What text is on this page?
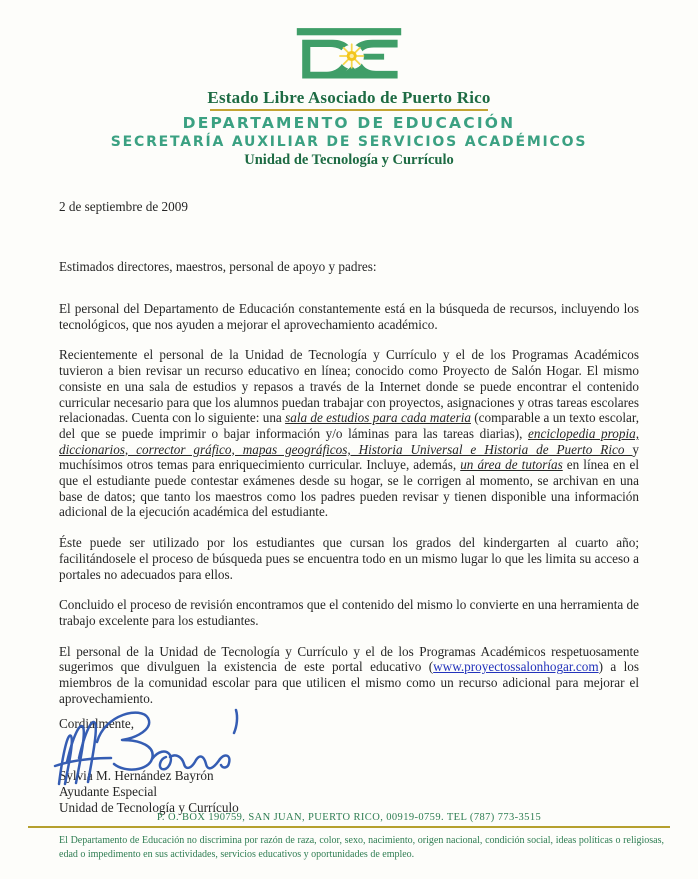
Estado Libre Asociado de Puerto Rico
DEPARTAMENTO DE EDUCACIÓN
SECRETARÍA AUXILIAR DE SERVICIOS ACADÉMICOS
Unidad de Tecnología y Currículo
2 de septiembre de 2009
Estimados directores, maestros, personal de apoyo y padres:

El personal del Departamento de Educación constantemente está en la búsqueda de recursos, incluyendo los tecnológicos, que nos ayuden a mejorar el aprovechamiento académico.

Recientemente el personal de la Unidad de Tecnología y Currículo y el de los Programas Académicos tuvieron a bien revisar un recurso educativo en línea; conocido como Proyecto de Salón Hogar. El mismo consiste en una sala de estudios y repasos a través de la Internet donde se puede encontrar el contenido curricular necesario para que los alumnos puedan trabajar con proyectos, asignaciones y otras tareas escolares relacionadas. Cuenta con lo siguiente: una sala de estudios para cada materia (comparable a un texto escolar, del que se puede imprimir o bajar información y/o láminas para las tareas diarias), enciclopedia propia, diccionarios, corrector gráfico, mapas geográficos, Historia Universal e Historia de Puerto Rico y muchísimos otros temas para enriquecimiento curricular. Incluye, además, un área de tutorías en línea en el que el estudiante puede contestar exámenes desde su hogar, se le corrigen al momento, se archivan en una base de datos; que tanto los maestros como los padres pueden revisar y tienen disponible una información adicional de la ejecución académica del estudiante.

Éste puede ser utilizado por los estudiantes que cursan los grados del kindergarten al cuarto año; facilitándosele el proceso de búsqueda pues se encuentra todo en un mismo lugar lo que les limita su acceso a portales no adecuados para ellos.

Concluido el proceso de revisión encontramos que el contenido del mismo lo convierte en una herramienta de trabajo excelente para los estudiantes.

El personal de la Unidad de Tecnología y Currículo y el de los Programas Académicos respetuosamente sugerimos que divulguen la existencia de este portal educativo (www.proyectossalonhogar.com) a los miembros de la comunidad escolar para que utilicen el mismo como un recurso adicional para mejorar el aprovechamiento.

Cordialmente,
Sylvia M. Hernández Bayrón
Ayudante Especial
Unidad de Tecnología y Currículo
P. O. BOX 190759, SAN JUAN, PUERTO RICO, 00919-0759. TEL (787) 773-3515
El Departamento de Educación no discrimina por razón de raza, color, sexo, nacimiento, origen nacional, condición social, ideas políticas o religiosas, edad o impedimento en sus actividades, servicios educativos y oportunidades de empleo.
